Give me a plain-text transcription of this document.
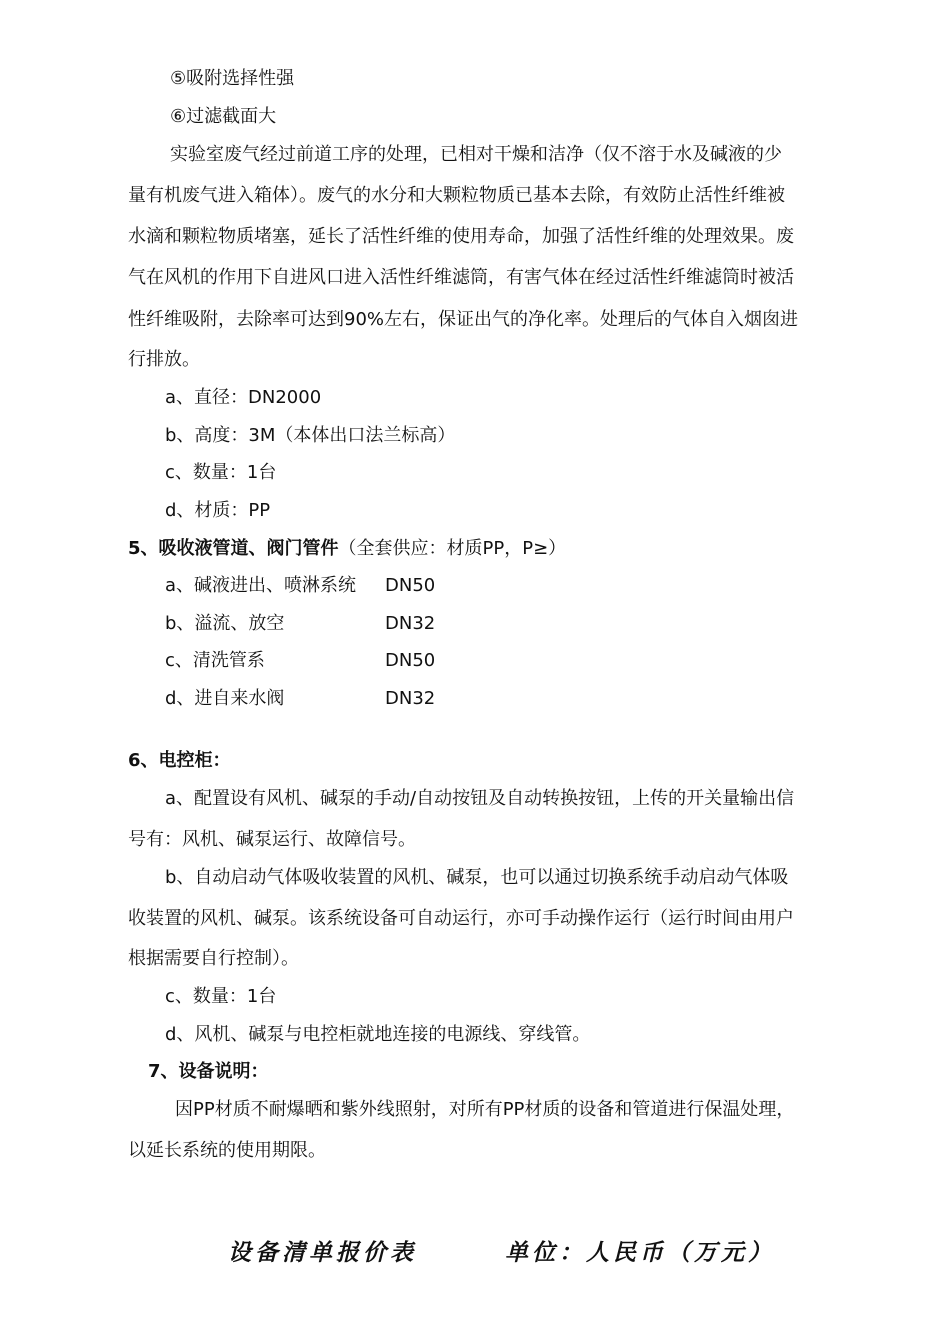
⑤吸附选择性强
⑥过滤截面大
实验室废气经过前道工序的处理，已相对干燥和洁净（仅不溶于水及碱液的少
量有机废气进入箱体）。废气的水分和大颗粒物质已基本去除，有效防止活性纤维被
水滴和颗粒物质堵塞，延长了活性纤维的使用寿命，加强了活性纤维的处理效果。废
气在风机的作用下自进风口进入活性纤维滤筒，有害气体在经过活性纤维滤筒时被活
性纤维吸附，去除率可达到90%左右，保证出气的净化率。处理后的气体自入烟囱进
行排放。
a、直径：DN2000
b、高度：3M（本体出口法兰标高）
c、数量：1台
d、材质：PP
5、吸收液管道、阀门管件（全套供应：材质PP，P≥）
a、碱液进出、喷淋系统 DN50
b、溢流、放空	DN32
c、清洗管系	DN50
d、进自来水阀	DN32
6、电控柜：
a、配置设有风机、碱泵的手动/自动按钮及自动转换按钮，上传的开关量输出信
号有：风机、碱泵运行、故障信号。
b、自动启动气体吸收装置的风机、碱泵，也可以通过切换系统手动启动气体吸
收装置的风机、碱泵。该系统设备可自动运行，亦可手动操作运行（运行时间由用户
根据需要自行控制）。
c、数量：1台
d、风机、碱泵与电控柜就地连接的电源线、穿线管。
7、设备说明：
因PP材质不耐爆晒和紫外线照射，对所有PP材质的设备和管道进行保温处理，
以延长系统的使用期限。
设备清单报价表	单位：人民币（万元）
